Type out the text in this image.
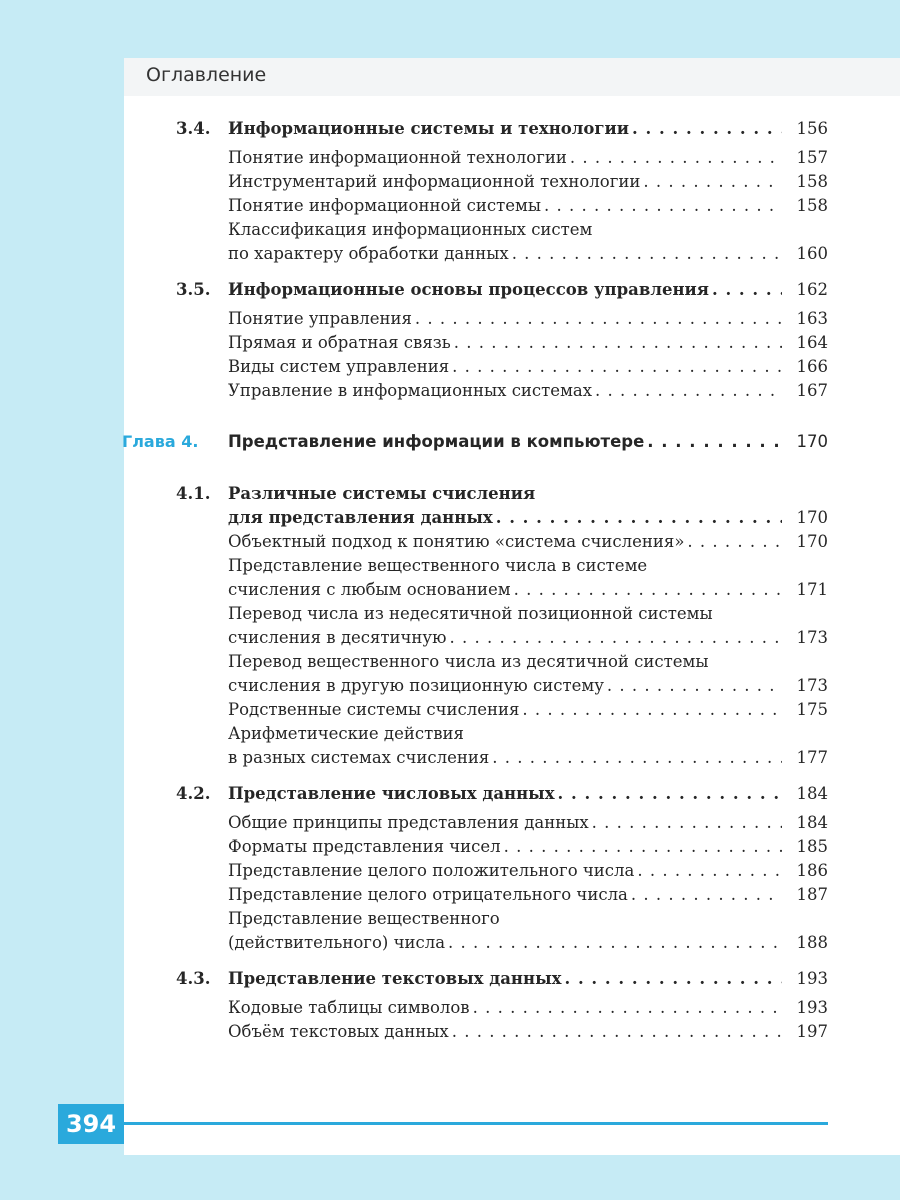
Оглавление
3.4. Информационные системы и технологии . . .	156
Понятие информационной технологии . . .	157
Инструментарий информационной технологии . . .	158
Понятие информационной системы . . .	158
Классификация информационных систем
по характеру обработки данных . . .	160
3.5. Информационные основы процессов управления . . .	162
Понятие управления . . .	163
Прямая и обратная связь . . .	164
Виды систем управления . . .	166
Управление в информационных системах . . .	167
Глава 4. Представление информации в компьютере . . .	170
4.1. Различные системы счисления
для представления данных . . .	170
Объектный подход к понятию «система счисления» . . .	170
Представление вещественного числа в системе
счисления с любым основанием . . .	171
Перевод числа из недесятичной позиционной системы
счисления в десятичную . . .	173
Перевод вещественного числа из десятичной системы
счисления в другую позиционную систему . . .	173
Родственные системы счисления . . .	175
Арифметические действия
в разных системах счисления . . .	177
4.2. Представление числовых данных . . .	184
Общие принципы представления данных . . .	184
Форматы представления чисел . . .	185
Представление целого положительного числа . . .	186
Представление целого отрицательного числа . . .	187
Представление вещественного
(действительного) числа . . .	188
4.3. Представление текстовых данных . . .	193
Кодовые таблицы символов . . .	193
Объём текстовых данных . . .	197
394
